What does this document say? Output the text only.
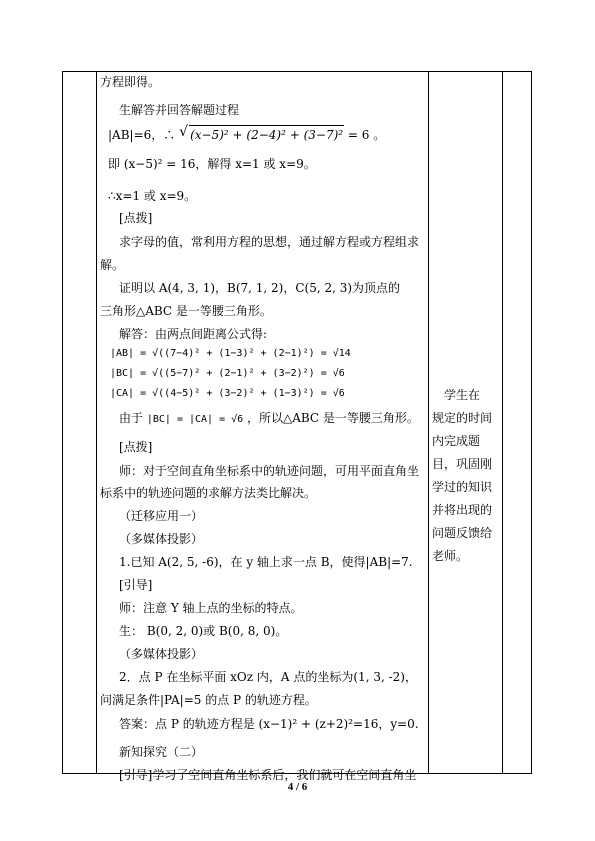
方程即得。
生解答并回答解题过程
|AB|=6，∴ √ (x−5)² + (2−4)² + (3−7)² = 6 。
即 (x−5)² = 16，解得 x=1 或 x=9。
∴x=1 或 x=9。
[点拨]
求字母的值，常利用方程的思想，通过解方程或方程组求
解。
证明以 A(4, 3, 1)，B(7, 1, 2)，C(5, 2, 3)为顶点的
三角形△ABC 是一等腰三角形。
解答：由两点间距离公式得:
|AB| = √((7−4)² + (1−3)² + (2−1)²) = √14
|BC| = √((5−7)² + (2−1)² + (3−2)²) = √6
|CA| = √((4−5)² + (3−2)² + (1−3)²) = √6
由于 |BC| = |CA| = √6 ，所以△ABC 是一等腰三角形。
[点拨]
师：对于空间直角坐标系中的轨迹问题，可用平面直角坐
标系中的轨迹问题的求解方法类比解决。
（迁移应用一）
（多媒体投影）
1.已知 A(2, 5, -6)，在 y 轴上求一点 B，使得|AB|=7.
[引导]
师：注意 Y 轴上点的坐标的特点。
生： B(0, 2, 0)或 B(0, 8, 0)。
（多媒体投影）
2．点 P 在坐标平面 xOz 内，A 点的坐标为(1, 3, -2)，
问满足条件|PA|=5 的点 P 的轨迹方程。
答案：点 P 的轨迹方程是 (x−1)² + (z+2)²=16，y=0.
新知探究（二）
[引导]学习了空间直角坐标系后，我们就可在空间直角坐
学生在
规定的时间
内完成题
目，巩固刚
学过的知识
并将出现的
问题反馈给
老师。
4 / 6
